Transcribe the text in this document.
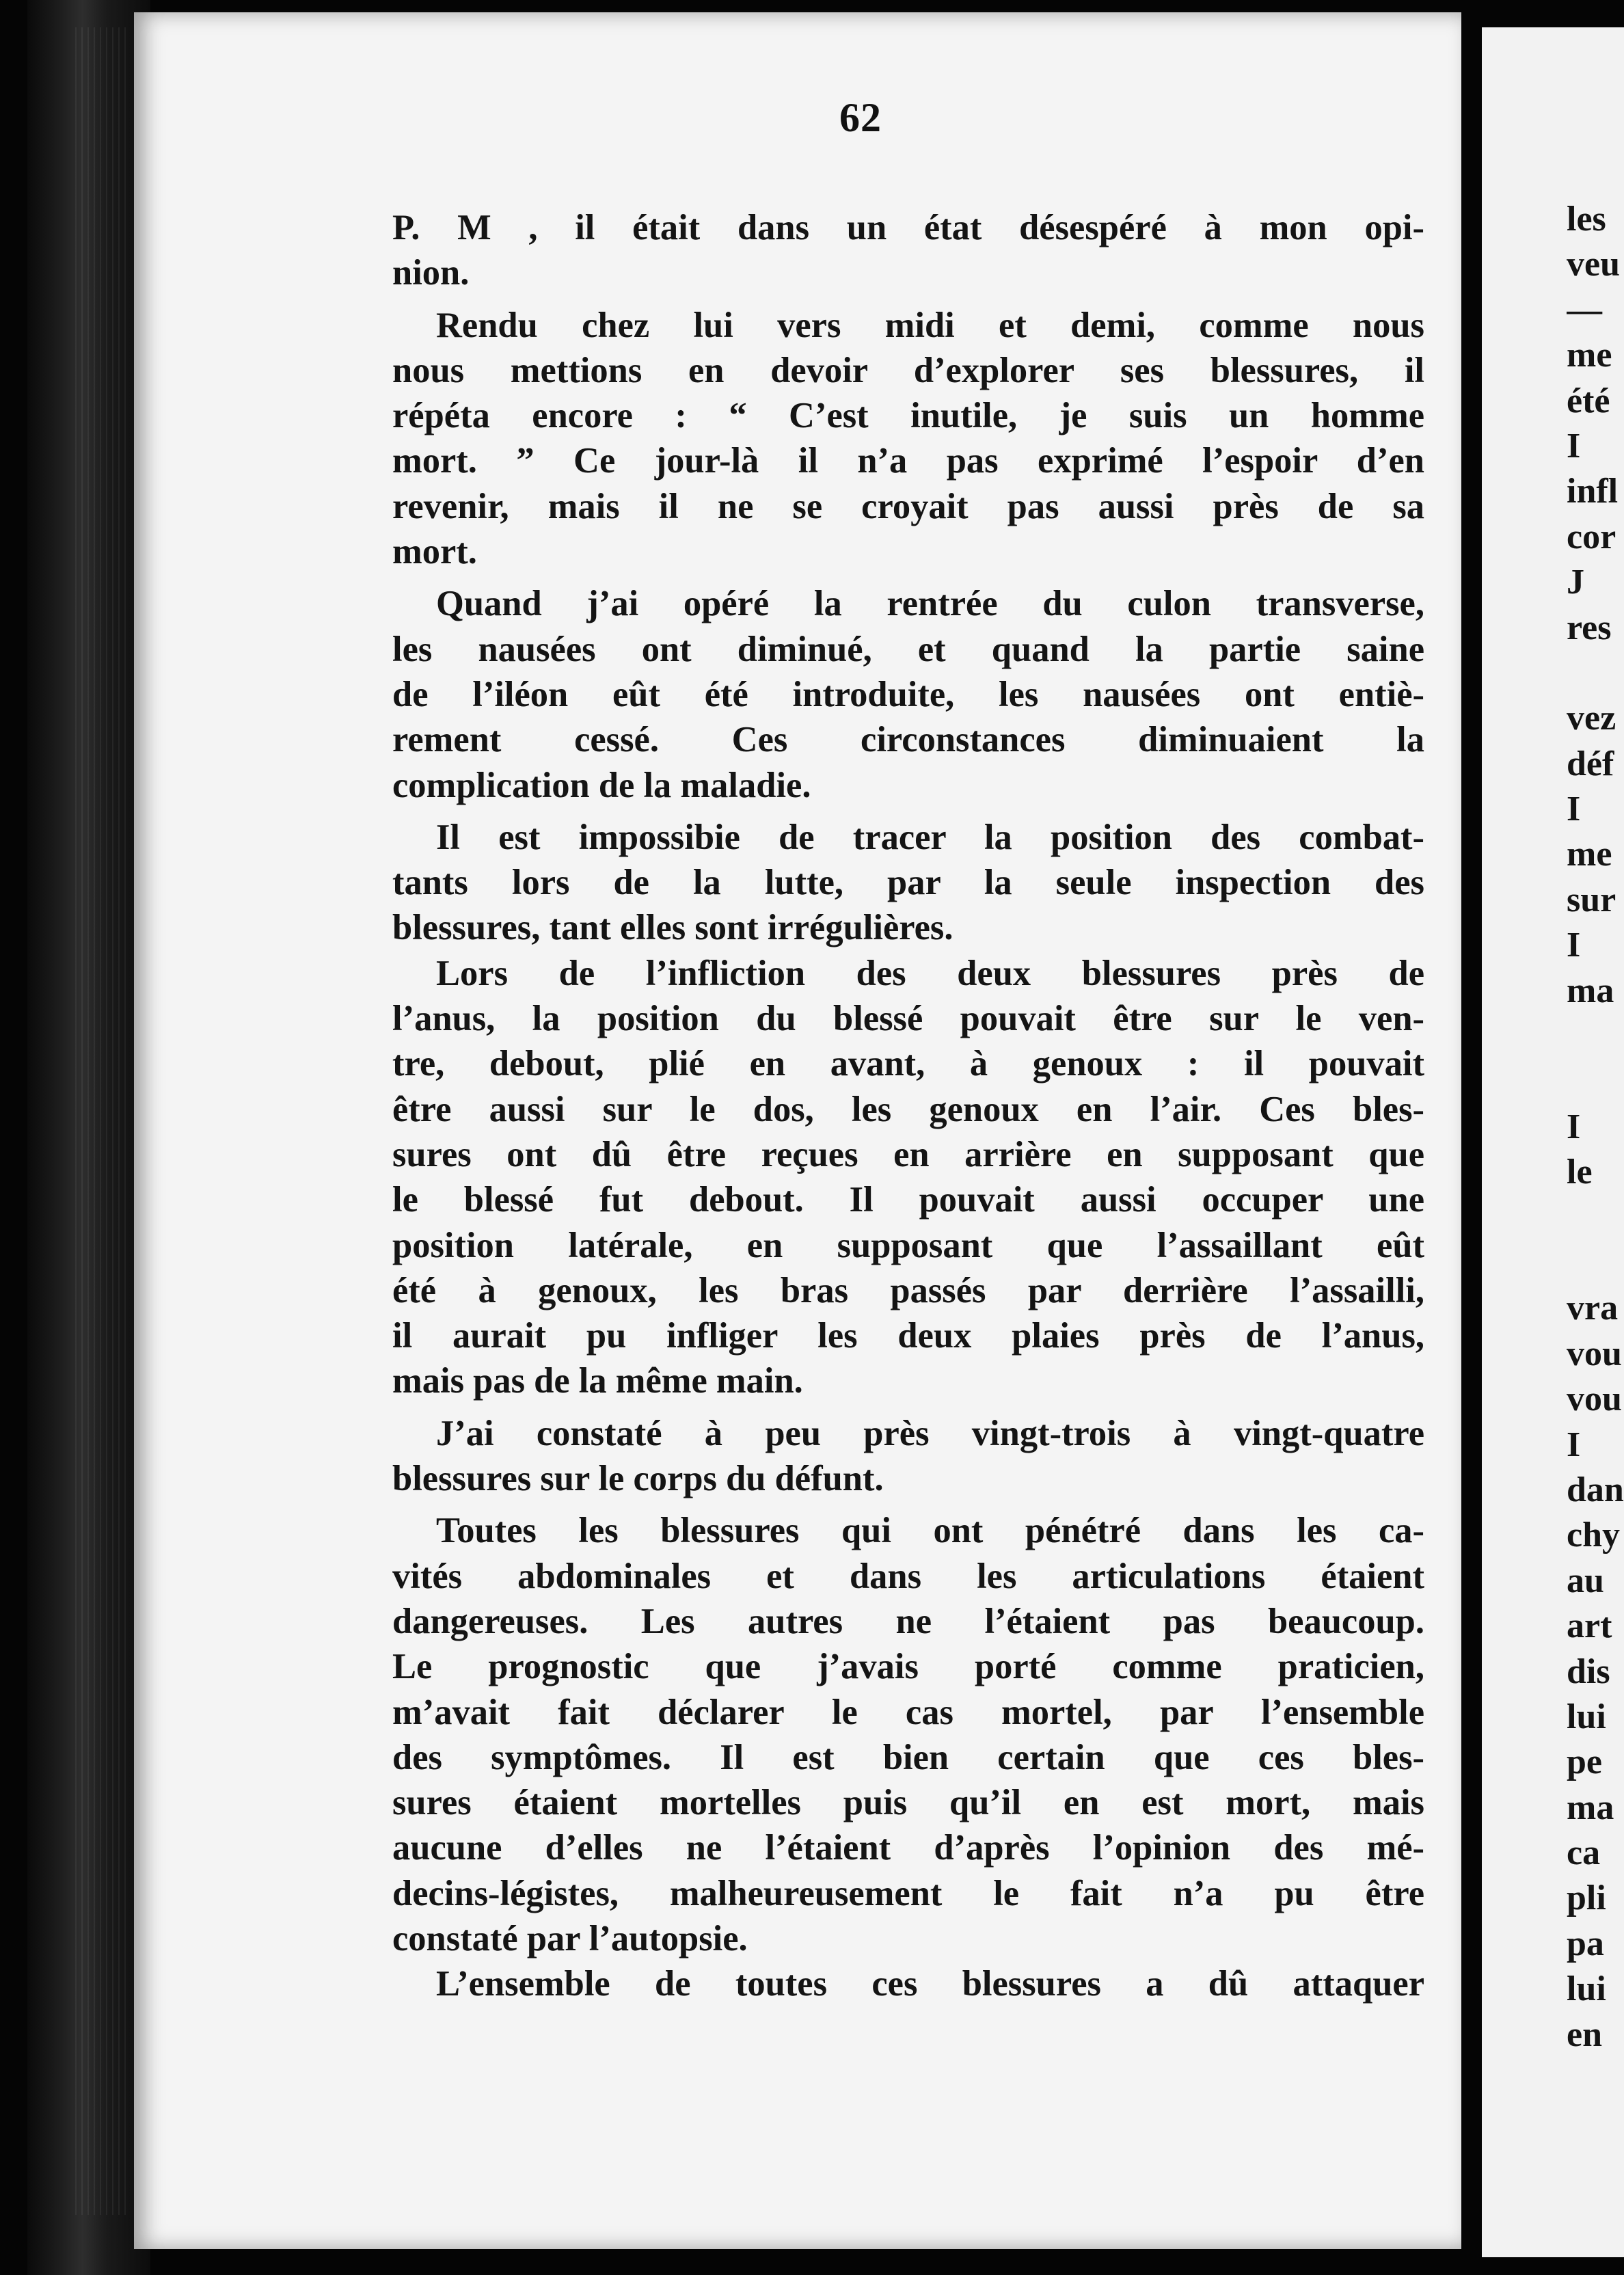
62
P. M , il était dans un état désespéré à mon opi-
nion.
Rendu chez lui vers midi et demi, comme nous
nous mettions en devoir d’explorer ses blessures, il
répéta encore : “ C’est inutile, je suis un homme
mort. ” Ce jour-là il n’a pas exprimé l’espoir d’en
revenir, mais il ne se croyait pas aussi près de sa
mort.
Quand j’ai opéré la rentrée du culon transverse,
les nausées ont diminué, et quand la partie saine
de l’iléon eût été introduite, les nausées ont entiè-
rement cessé. Ces circonstances diminuaient la
complication de la maladie.
Il est impossibie de tracer la position des combat-
tants lors de la lutte, par la seule inspection des
blessures, tant elles sont irrégulières.
Lors de l’infliction des deux blessures près de
l’anus, la position du blessé pouvait être sur le ven-
tre, debout, plié en avant, à genoux : il pouvait
être aussi sur le dos, les genoux en l’air. Ces bles-
sures ont dû être reçues en arrière en supposant que
le blessé fut debout. Il pouvait aussi occuper une
position latérale, en supposant que l’assaillant eût
été à genoux, les bras passés par derrière l’assailli,
il aurait pu infliger les deux plaies près de l’anus,
mais pas de la même main.
J’ai constaté à peu près vingt-trois à vingt-quatre
blessures sur le corps du défunt.
Toutes les blessures qui ont pénétré dans les ca-
vités abdominales et dans les articulations étaient
dangereuses. Les autres ne l’étaient pas beaucoup.
Le prognostic que j’avais porté comme praticien,
m’avait fait déclarer le cas mortel, par l’ensemble
des symptômes. Il est bien certain que ces bles-
sures étaient mortelles puis qu’il en est mort, mais
aucune d’elles ne l’étaient d’après l’opinion des mé-
decins-légistes, malheureusement le fait n’a pu être
constaté par l’autopsie.
L’ensemble de toutes ces blessures a dû attaquer
les
veu
—
me
été
I
infl
cor
J
res
vez
déf
I
me
sur
I
ma
I
le
vra
vou
vou
I
dan
chy
au
art
dis
lui
pe
ma
ca
pli
pa
lui
en
